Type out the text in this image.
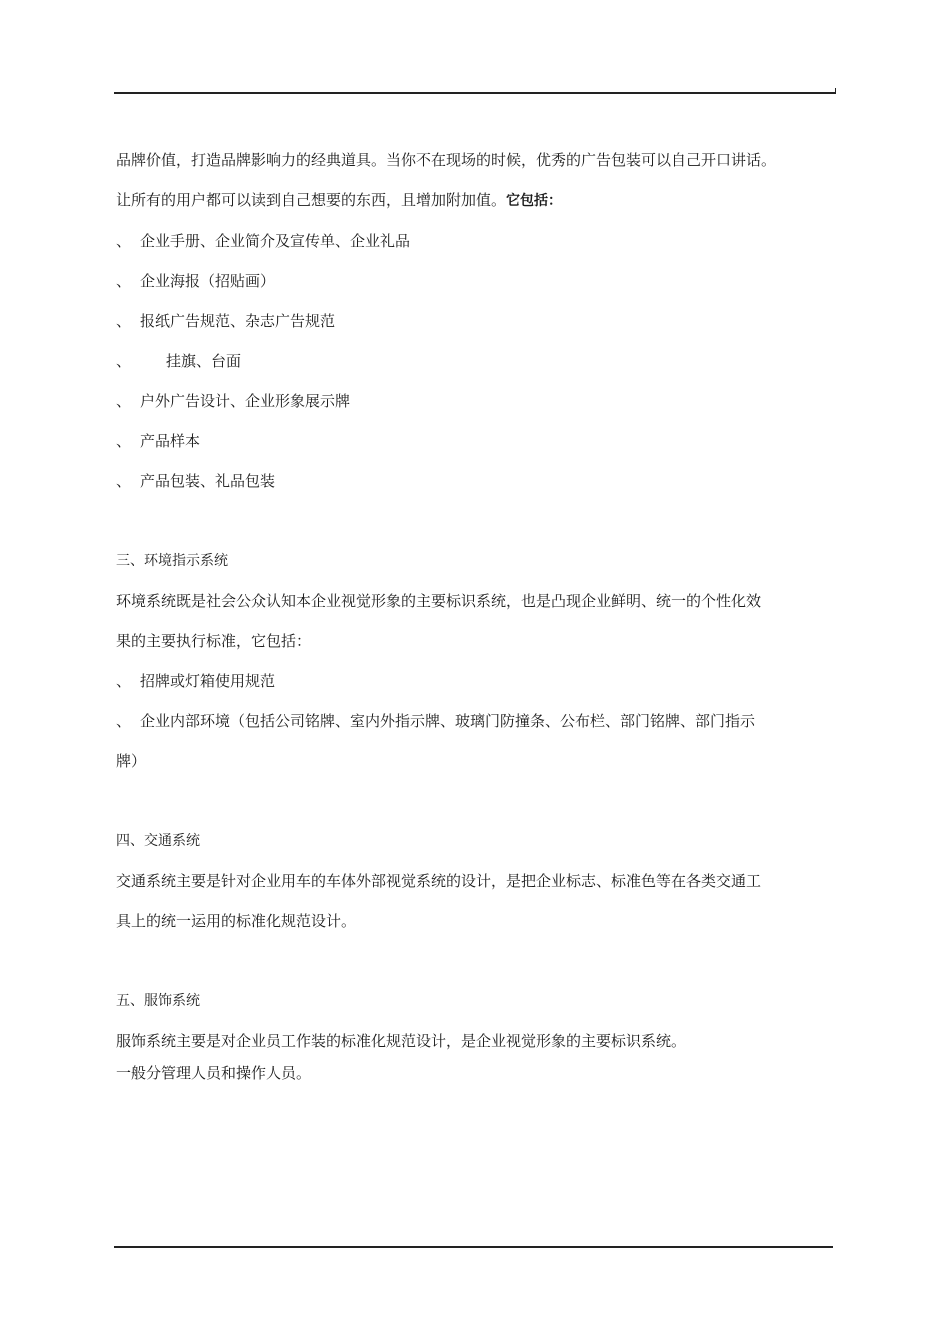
品牌价值，打造品牌影响力的经典道具。当你不在现场的时候，优秀的广告包装可以自己开口讲话。
让所有的用户都可以读到自己想要的东西，且增加附加值。它包括：
、 企业手册、企业简介及宣传单、企业礼品
、 企业海报（招贴画）
、 报纸广告规范、杂志广告规范
、 挂旗、台面
、 户外广告设计、企业形象展示牌
、 产品样本
、 产品包装、礼品包装
三、环境指示系统
环境系统既是社会公众认知本企业视觉形象的主要标识系统，也是凸现企业鲜明、统一的个性化效
果的主要执行标准，它包括：
、 招牌或灯箱使用规范
、 企业内部环境（包括公司铭牌、室内外指示牌、玻璃门防撞条、公布栏、部门铭牌、部门指示
牌）
四、交通系统
交通系统主要是针对企业用车的车体外部视觉系统的设计，是把企业标志、标准色等在各类交通工
具上的统一运用的标准化规范设计。
五、服饰系统
服饰系统主要是对企业员工作装的标准化规范设计，是企业视觉形象的主要标识系统。
一般分管理人员和操作人员。
